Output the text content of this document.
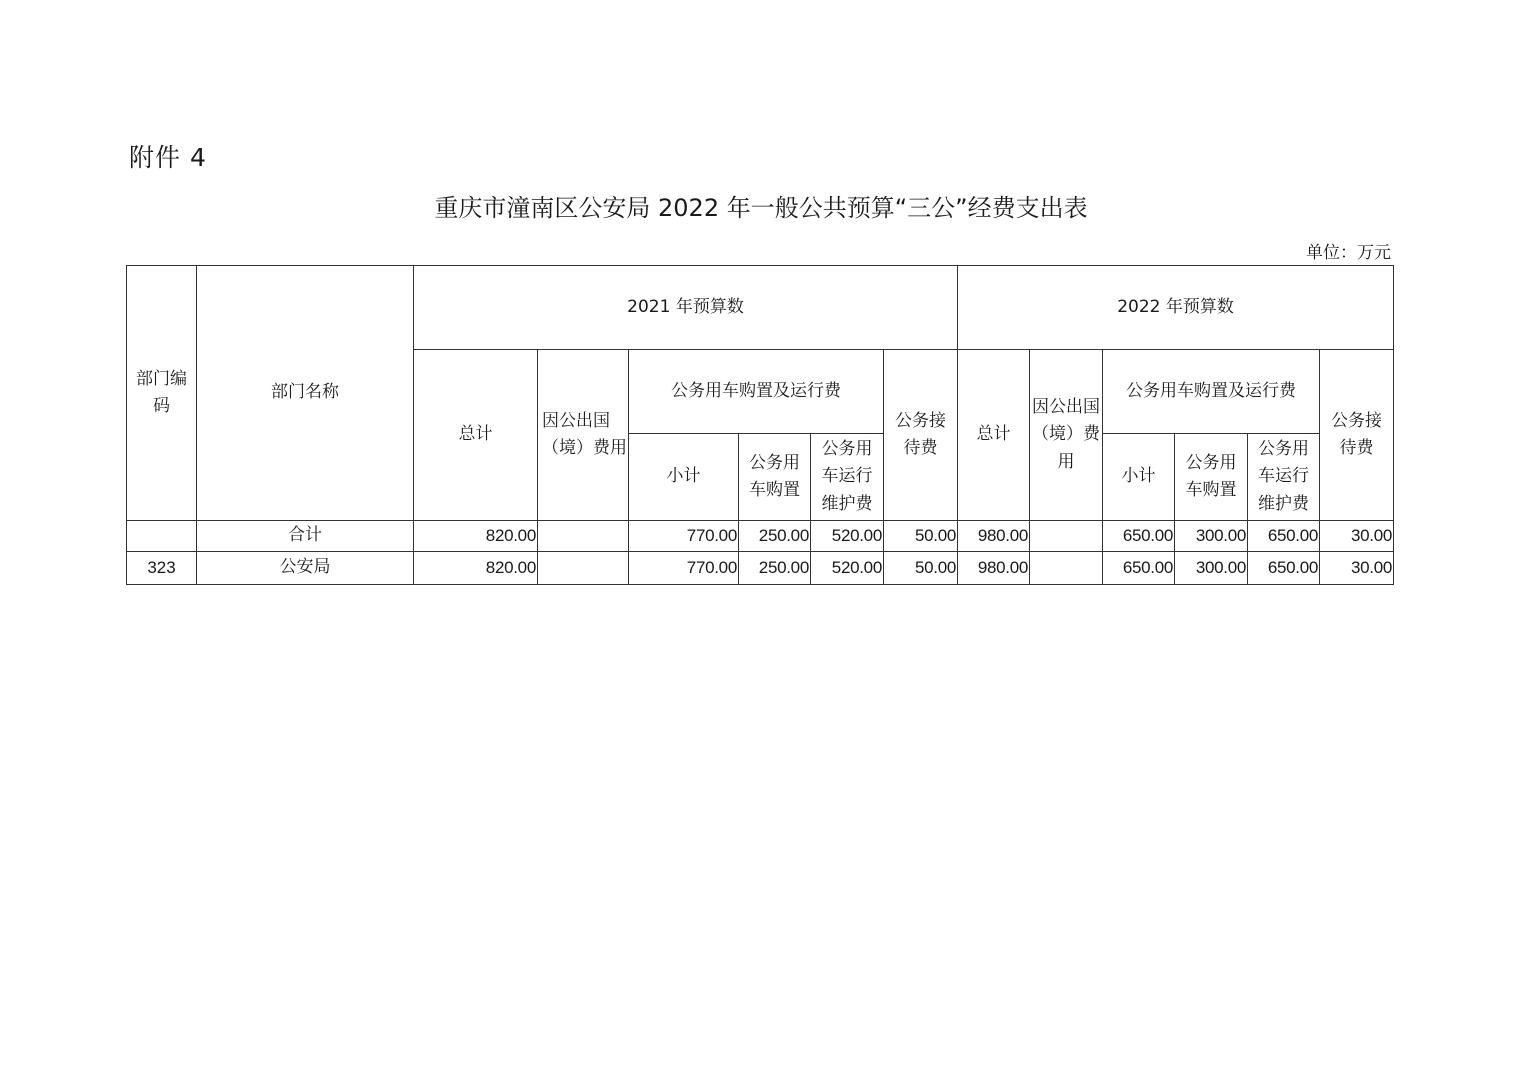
附件 4
重庆市潼南区公安局 2022 年一般公共预算“三公”经费支出表
单位：万元
部门编码	部门名称	2021 年预算数						2022 年预算数					
		总计	因公出国（境）费用	公务用车购置及运行费			公务接待费	总计	因公出国（境）费用	公务用车购置及运行费			公务接待费
				小计	公务用车购置	公务用车运行维护费				小计	公务用车购置	公务用车运行维护费	
	合计	820.00		770.00	250.00	520.00	50.00	980.00		650.00	300.00	650.00	30.00
323	公安局	820.00		770.00	250.00	520.00	50.00	980.00		650.00	300.00	650.00	30.00
